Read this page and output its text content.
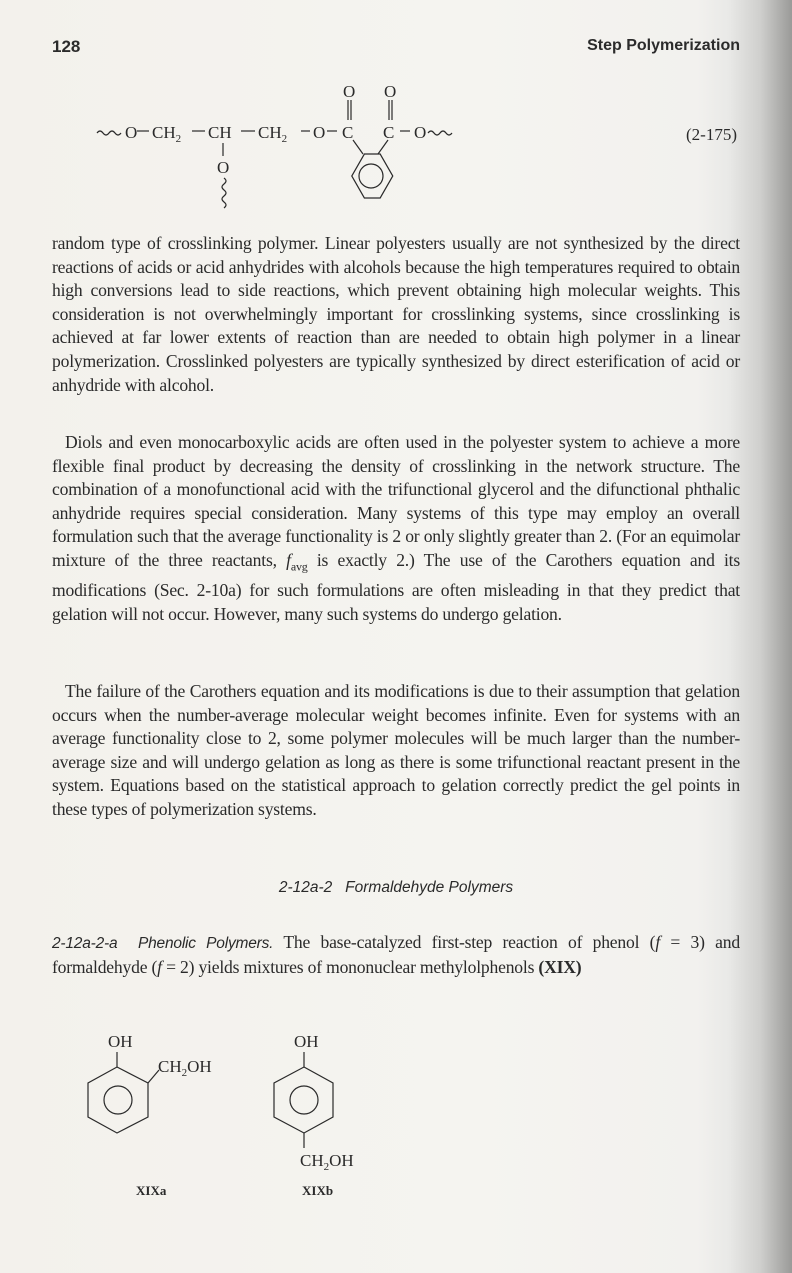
128	Step Polymerization
O $CH_2$ CH $CH_2$ O C C O
O O
O
(2-175)

random type of crosslinking polymer. Linear polyesters usually are not synthesized by the direct reactions of acids or acid anhydrides with alcohols because the high temperatures required to obtain high conversions lead to side reactions, which prevent obtaining high molecular weights. This consideration is not overwhelmingly important for crosslinking systems, since crosslinking is achieved at far lower extents of reaction than are needed to obtain high polymer in a linear polymerization. Crosslinked polyesters are typically synthesized by direct esterification of acid or anhydride with alcohol.

Diols and even monocarboxylic acids are often used in the polyester system to achieve a more flexible final product by decreasing the density of crosslinking in the network structure. The combination of a monofunctional acid with the trifunctional glycerol and the difunctional phthalic anhydride requires special consideration. Many systems of this type may employ an overall formulation such that the average functionality is 2 or only slightly greater than 2. (For an equimolar mixture of the three reactants, $f_{avg}$ is exactly 2.) The use of the Carothers equation and its modifications (Sec. 2-10a) for such formulations are often misleading in that they predict that gelation will not occur. However, many such systems do undergo gelation.

The failure of the Carothers equation and its modifications is due to their assumption that gelation occurs when the number-average molecular weight becomes infinite. Even for systems with an average functionality close to 2, some polymer molecules will be much larger than the number-average size and will undergo gelation as long as there is some trifunctional reactant present in the system. Equations based on the statistical approach to gelation correctly predict the gel points in these types of polymerization systems.

2-12a-2   Formaldehyde Polymers

2-12a-2-a  Phenolic Polymers. The base-catalyzed first-step reaction of phenol (f = 3) and formaldehyde (f = 2) yields mixtures of mononuclear methylolphenols (XIX)

OH
$CH_2OH$
XIXa
OH
$CH_2OH$
XIXb
